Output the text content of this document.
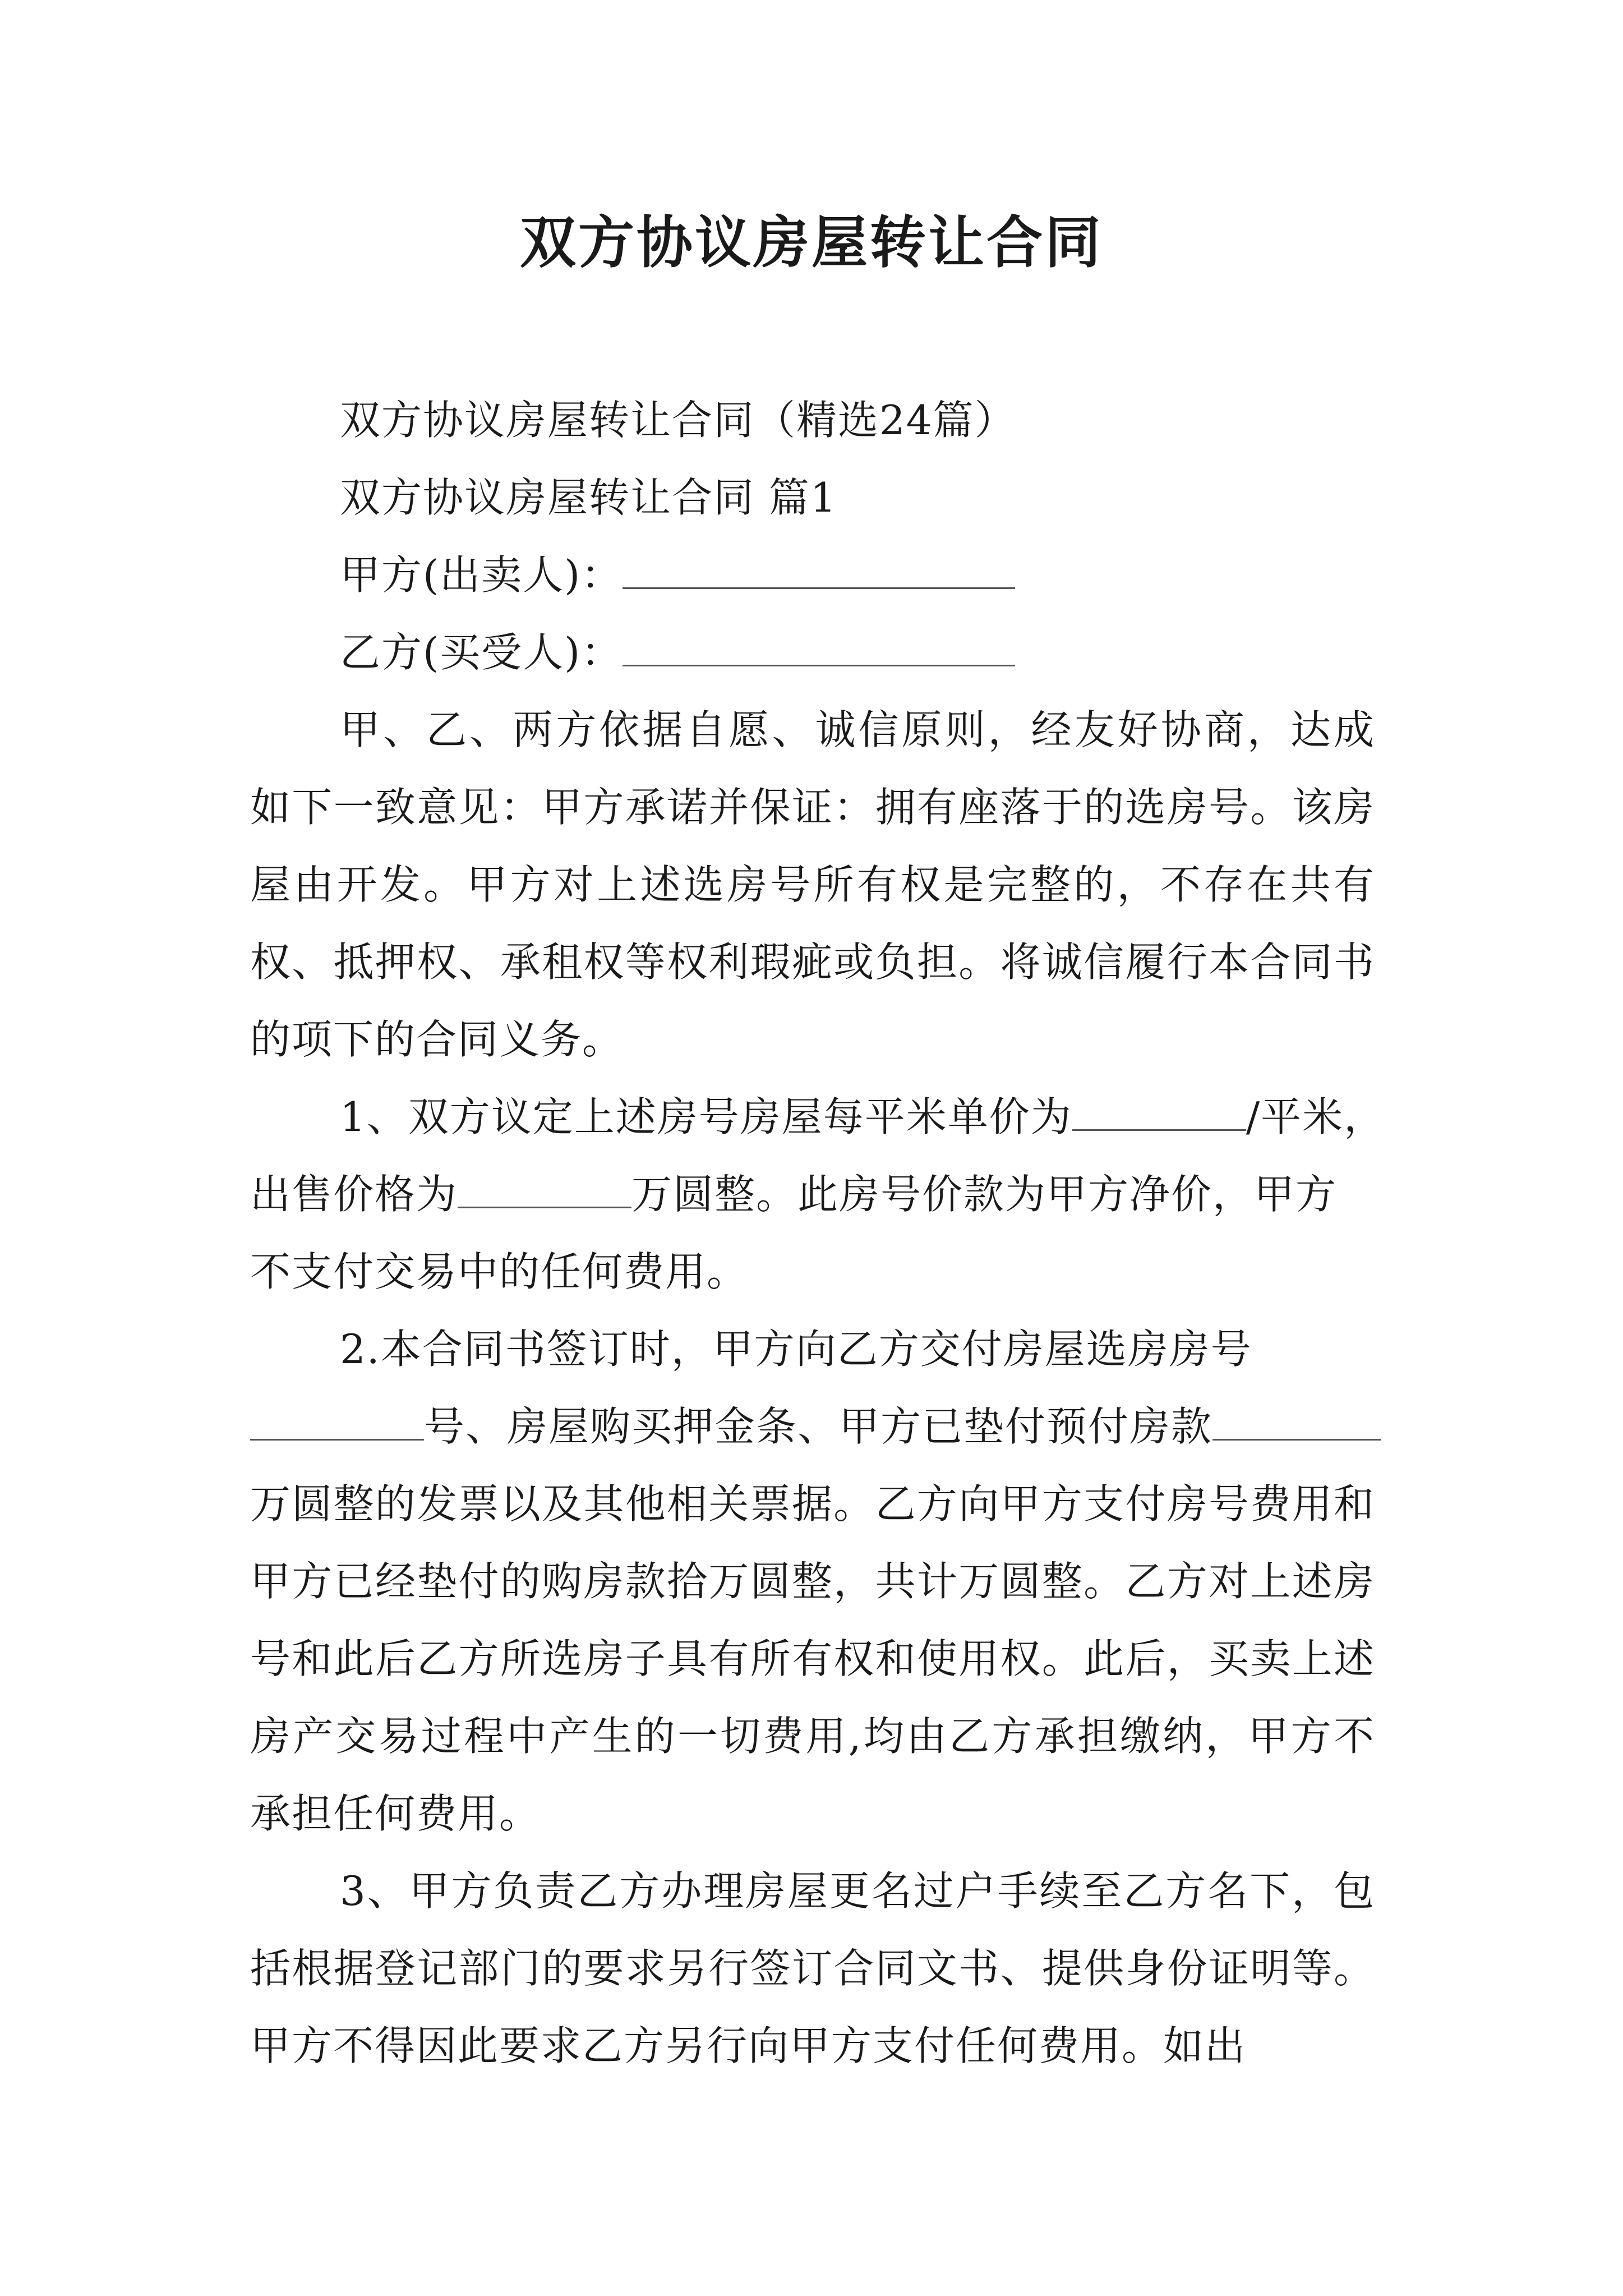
双方协议房屋转让合同
双方协议房屋转让合同（精选24篇）
双方协议房屋转让合同 篇1
甲方(出卖人)：
乙方(买受人)：
甲、乙、两方依据自愿、诚信原则，经友好协商，达成如下一致意见：甲方承诺并保证：拥有座落于的选房号。该房屋由开发。甲方对上述选房号所有权是完整的，不存在共有权、抵押权、承租权等权利瑕疵或负担。将诚信履行本合同书的项下的合同义务。
1、双方议定上述房号房屋每平米单价为	/平米，
出售价格为	万圆整。此房号价款为甲方净价，甲方
不支付交易中的任何费用。
2.本合同书签订时，甲方向乙方交付房屋选房房号
号、房屋购买押金条、甲方已垫付预付房款
万圆整的发票以及其他相关票据。乙方向甲方支付房号费用和甲方已经垫付的购房款拾万圆整，共计万圆整。乙方对上述房号和此后乙方所选房子具有所有权和使用权。此后，买卖上述房产交易过程中产生的一切费用,均由乙方承担缴纳，甲方不承担任何费用。
3、甲方负责乙方办理房屋更名过户手续至乙方名下，包括根据登记部门的要求另行签订合同文书、提供身份证明等。甲方不得因此要求乙方另行向甲方支付任何费用。如出
